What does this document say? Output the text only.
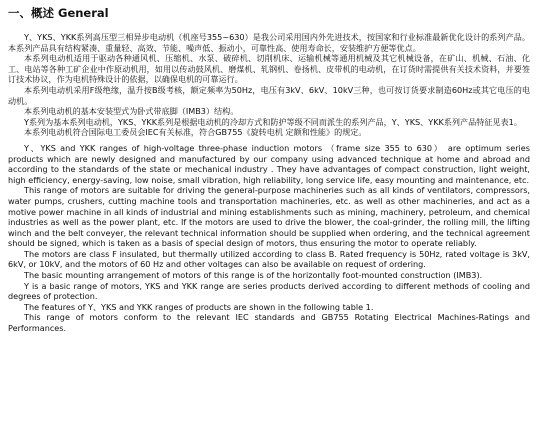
一、概述 General

Y、YKS、YKK系列高压型三相异步电动机（机座号355~630）是我公司采用国内外先进技术，按国家和行业标准最新优化设计的系列产品。本系列产品具有结构紧凑、重量轻、高效、节能、噪声低、振动小，可靠性高、使用寿命长，安装维护方便等优点。

本系列电动机适用于驱动各种通风机、压缩机、水泵、破碎机、切削机床、运输机械等通用机械及其它机械设备，在矿山、机械、石油、化工、电站等各种工矿企业中作原动机用，如用以传动鼓风机、磨煤机、轧钢机、卷扬机、皮带机的电动机，在订货时需提供有关技术资料，并要签订技术协议，作为电机特殊设计的依据，以确保电机的可靠运行。

本系列电动机采用F级绝缘，温升按B级考核，额定频率为50Hz，电压有3kV、6kV、10kV三种，也可按订货要求制造60Hz或其它电压的电动机。

本系列电动机的基本安装型式为卧式带底脚（IMB3）结构。

Y系列为基本系列电动机，YKS、YKK系列是根据电动机的冷却方式和防护等级不同而派生的系列产品，Y、YKS、YKK系列产品特征见表1。

本系列电动机符合国际电工委员会IEC有关标准，符合GB755《旋转电机 定额和性能》的规定。

Y、YKS and YKK ranges of high-voltage three-phase induction motors （frame size 355 to 630） are optimum series products which are newly designed and manufactured by our company using advanced technique at home and abroad and according to the standards of the state or mechanical industry . They have advantages of compact construction, light weight, high efficiency, energy-saving, low noise, small vibration, high reliability, long service life, easy mounting and maintenance, etc.

This range of motors are suitable for driving the general-purpose machineries such as all kinds of ventilators, compressors, water pumps, crushers, cutting machine tools and transportation machineries, etc. as well as other machineries, and act as a motive power machine in all kinds of industrial and mining establishments such as mining, machinery, petroleum, and chemical industries as well as the power plant, etc. If the motors are used to drive the blower, the coal-grinder, the rolling mill, the lifting winch and the belt conveyer, the relevant technical information should be supplied when ordering, and the technical agreement should be signed, which is taken as a basis of special design of motors, thus ensuring the motor to operate reliably.

The motors are class F insulated, but thermally utilized according to class B. Rated frequency is 50Hz, rated voltage is 3kV, 6kV, or 10kV, and the motors of 60 Hz and other voltages can also be available on request of ordering.

The basic mounting arrangement of motors of this range is of the horizontally foot-mounted construction (IMB3).

Y is a basic range of motors, YKS and YKK range are series products derived according to different methods of cooling and degrees of protection.

The features of Y、YKS and YKK ranges of products are shown in the following table 1.

This range of motors conform to the relevant IEC standards and GB755 Rotating Electrical Machines-Ratings and Performances.
